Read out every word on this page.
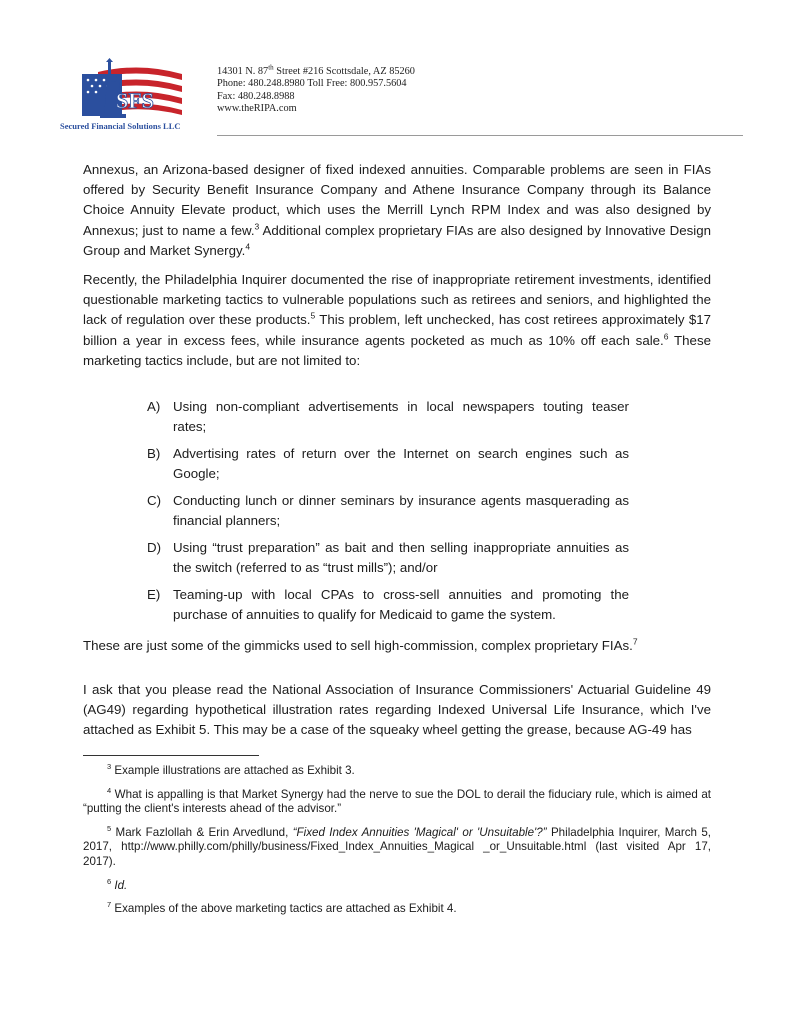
SFS
Secured Financial Solutions LLC
14301 N. 87th Street #216 Scottsdale, AZ 85260
Phone: 480.248.8980 Toll Free: 800.957.5604
Fax: 480.248.8988
www.theRIPA.com
Annexus, an Arizona-based designer of fixed indexed annuities. Comparable problems are seen in FIAs offered by Security Benefit Insurance Company and Athene Insurance Company through its Balance Choice Annuity Elevate product, which uses the Merrill Lynch RPM Index and was also designed by Annexus; just to name a few.$^3$ Additional complex proprietary FIAs are also designed by Innovative Design Group and Market Synergy.$^4$
Recently, the Philadelphia Inquirer documented the rise of inappropriate retirement investments, identified questionable marketing tactics to vulnerable populations such as retirees and seniors, and highlighted the lack of regulation over these products.$^5$ This problem, left unchecked, has cost retirees approximately $17 billion a year in excess fees, while insurance agents pocketed as much as 10% off each sale.$^6$ These marketing tactics include, but are not limited to:
A) Using non-compliant advertisements in local newspapers touting teaser rates;
B) Advertising rates of return over the Internet on search engines such as Google;
C) Conducting lunch or dinner seminars by insurance agents masquerading as financial planners;
D) Using “trust preparation” as bait and then selling inappropriate annuities as the switch (referred to as “trust mills”); and/or
E) Teaming-up with local CPAs to cross-sell annuities and promoting the purchase of annuities to qualify for Medicaid to game the system.
These are just some of the gimmicks used to sell high-commission, complex proprietary FIAs.$^7$
I ask that you please read the National Association of Insurance Commissioners' Actuarial Guideline 49 (AG49) regarding hypothetical illustration rates regarding Indexed Universal Life Insurance, which I've attached as Exhibit 5. This may be a case of the squeaky wheel getting the grease, because AG-49 has
$^3$ Example illustrations are attached as Exhibit 3.
$^4$ What is appalling is that Market Synergy had the nerve to sue the DOL to derail the fiduciary rule, which is aimed at “putting the client's interests ahead of the advisor.”
$^5$ Mark Fazlollah & Erin Arvedlund, “Fixed Index Annuities 'Magical' or 'Unsuitable'?” Philadelphia Inquirer, March 5, 2017, http://www.philly.com/philly/business/Fixed_Index_Annuities_Magical _or_Unsuitable.html (last visited Apr 17, 2017).
$^6$ Id.
$^7$ Examples of the above marketing tactics are attached as Exhibit 4.
